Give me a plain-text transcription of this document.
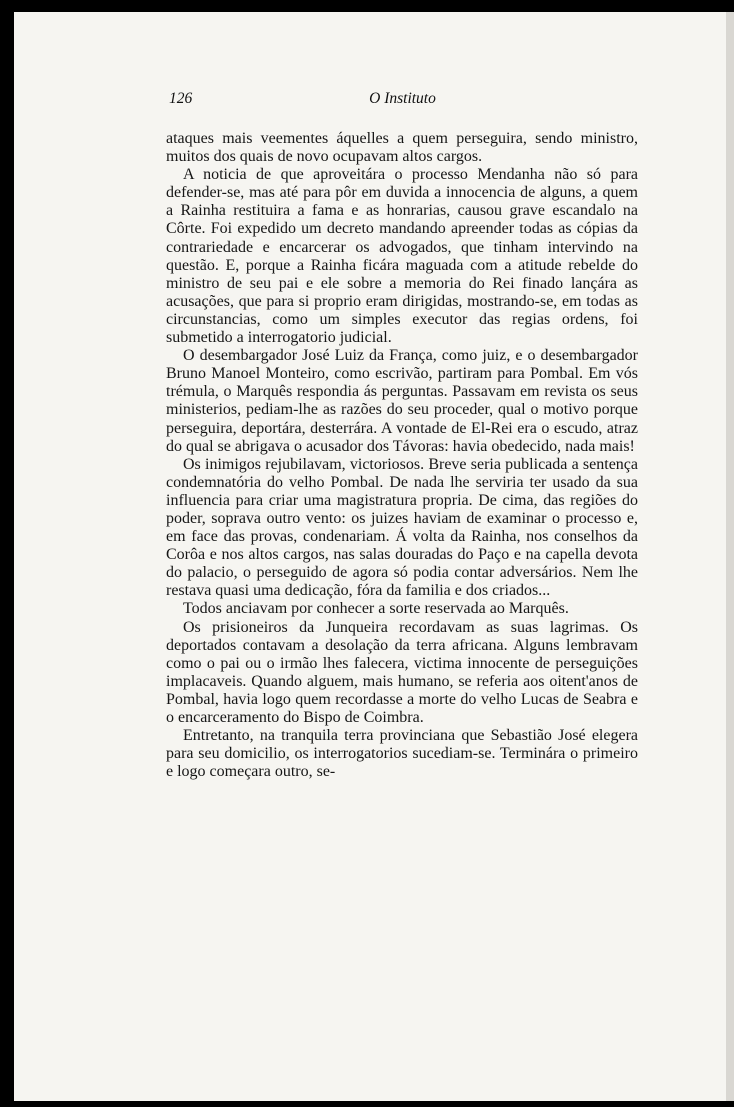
126	O Instituto

ataques mais veementes áquelles a quem perseguira, sendo ministro, muitos dos quais de novo ocupavam altos cargos.

A noticia de que aproveitára o processo Mendanha não só para defender-se, mas até para pôr em duvida a innocencia de alguns, a quem a Rainha restituira a fama e as honrarias, causou grave escandalo na Côrte. Foi expedido um decreto mandando apreender todas as cópias da contrariedade e encarcerar os advogados, que tinham intervindo na questão. E, porque a Rainha ficára maguada com a atitude rebelde do ministro de seu pai e ele sobre a memoria do Rei finado lançára as acusações, que para si proprio eram dirigidas, mostrando-se, em todas as circunstancias, como um simples executor das regias ordens, foi submetido a interrogatorio judicial.

O desembargador José Luiz da França, como juiz, e o desembargador Bruno Manoel Monteiro, como escrivão, partiram para Pombal. Em vós trémula, o Marquês respondia ás perguntas. Passavam em revista os seus ministerios, pediam-lhe as razões do seu proceder, qual o motivo porque perseguira, deportára, desterrára. A vontade de El-Rei era o escudo, atraz do qual se abrigava o acusador dos Távoras: havia obedecido, nada mais!

Os inimigos rejubilavam, victoriosos. Breve seria publicada a sentença condemnatória do velho Pombal. De nada lhe serviria ter usado da sua influencia para criar uma magistratura propria. De cima, das regiões do poder, soprava outro vento: os juizes haviam de examinar o processo e, em face das provas, condenariam. Á volta da Rainha, nos conselhos da Corôa e nos altos cargos, nas salas douradas do Paço e na capella devota do palacio, o perseguido de agora só podia contar adversários. Nem lhe restava quasi uma dedicação, fóra da familia e dos criados...

Todos anciavam por conhecer a sorte reservada ao Marquês.

Os prisioneiros da Junqueira recordavam as suas lagrimas. Os deportados contavam a desolação da terra africana. Alguns lembravam como o pai ou o irmão lhes falecera, victima innocente de perseguições implacaveis. Quando alguem, mais humano, se referia aos oitent'anos de Pombal, havia logo quem recordasse a morte do velho Lucas de Seabra e o encarceramento do Bispo de Coimbra.

Entretanto, na tranquila terra provinciana que Sebastião José elegera para seu domicilio, os interrogatorios sucediam-se. Terminára o primeiro e logo começara outro, se-
